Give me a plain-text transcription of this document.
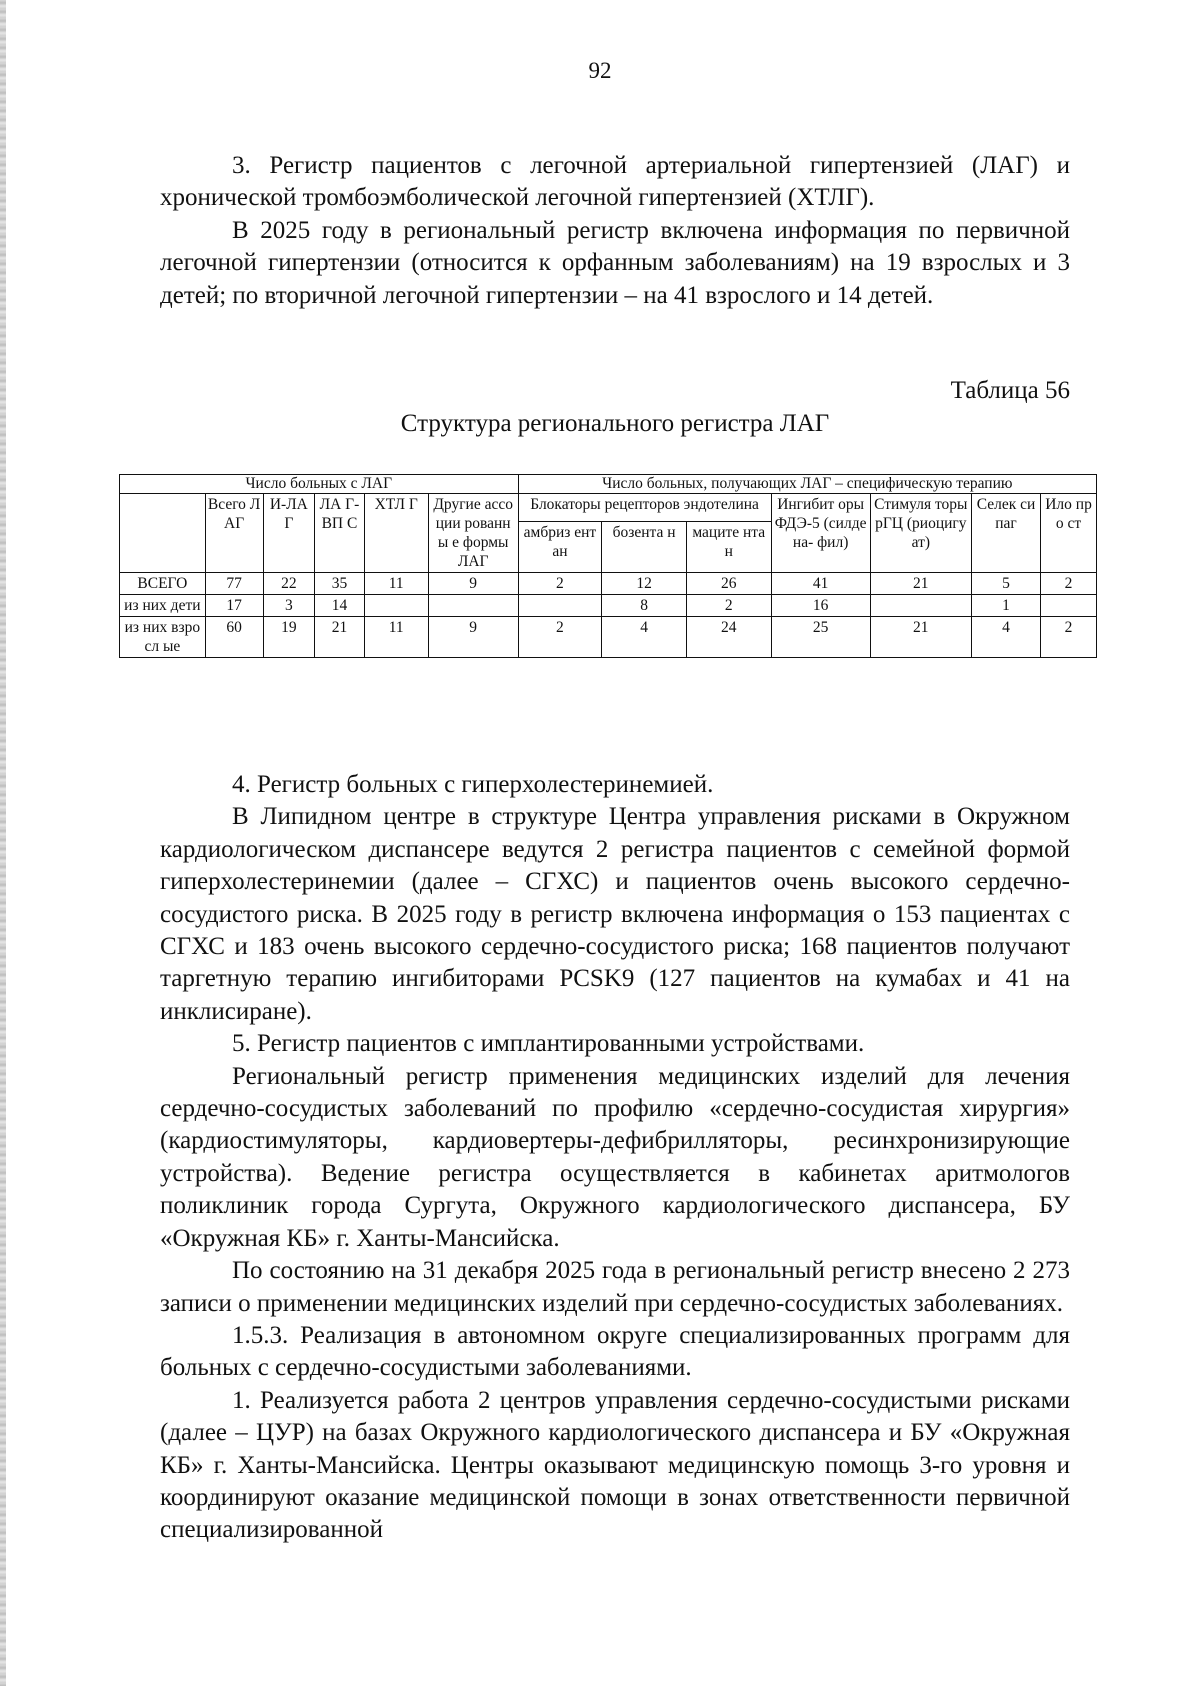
92

3. Регистр пациентов с легочной артериальной гипертензией (ЛАГ) и хронической тромбоэмболической легочной гипертензией (ХТЛГ).

В 2025 году в региональный регистр включена информация по первичной легочной гипертензии (относится к орфанным заболеваниям) на 19 взрослых и 3 детей; по вторичной легочной гипертензии – на 41 взрослого и 14 детей.

Таблица 56
Структура регионального регистра ЛАГ
Число больных с ЛАГ						Число больных, получающих ЛАГ – специфическую терапию						
	Всего ЛАГ	И-ЛА Г	ЛА Г- ВП С	ХТЛ Г	Другие ассоции рованны е формы ЛАГ	Блокаторы рецепторов эндотелина			Ингибит оры ФДЭ-5 (силдена- фил)	Стимуля торы рГЦ (риоцигу ат)	Селек сипаг	Ило про ст
						амбриз ентан	бозента н	маците нтан				
ВСЕГО	77	22	35	11	9	2	12	26	41	21	5	2
из них дети	17	3	14				8	2	16		1	
из них взросл ые	60	19	21	11	9	2	4	24	25	21	4	2

4. Регистр больных с гиперхолестеринемией.

В Липидном центре в структуре Центра управления рисками в Окружном кардиологическом диспансере ведутся 2 регистра пациентов с семейной формой гиперхолестеринемии (далее – СГХС) и пациентов очень высокого сердечно-сосудистого риска. В 2025 году в регистр включена информация о 153 пациентах с СГХС и 183 очень высокого сердечно-сосудистого риска; 168 пациентов получают таргетную терапию ингибиторами PCSK9 (127 пациентов на кумабах и 41 на инклисиране).

5. Регистр пациентов с имплантированными устройствами.

Региональный регистр применения медицинских изделий для лечения сердечно-сосудистых заболеваний по профилю «сердечно-сосудистая хирургия» (кардиостимуляторы, кардиовертеры-дефибрилляторы, ресинхронизирующие устройства). Ведение регистра осуществляется в кабинетах аритмологов поликлиник города Сургута, Окружного кардиологического диспансера, БУ «Окружная КБ» г. Ханты-Мансийска.

По состоянию на 31 декабря 2025 года в региональный регистр внесено 2 273 записи о применении медицинских изделий при сердечно-сосудистых заболеваниях.

1.5.3. Реализация в автономном округе специализированных программ для больных с сердечно-сосудистыми заболеваниями.

1. Реализуется работа 2 центров управления сердечно-сосудистыми рисками (далее – ЦУР) на базах Окружного кардиологического диспансера и БУ «Окружная КБ» г. Ханты-Мансийска. Центры оказывают медицинскую помощь 3-го уровня и координируют оказание медицинской помощи в зонах ответственности первичной специализированной
